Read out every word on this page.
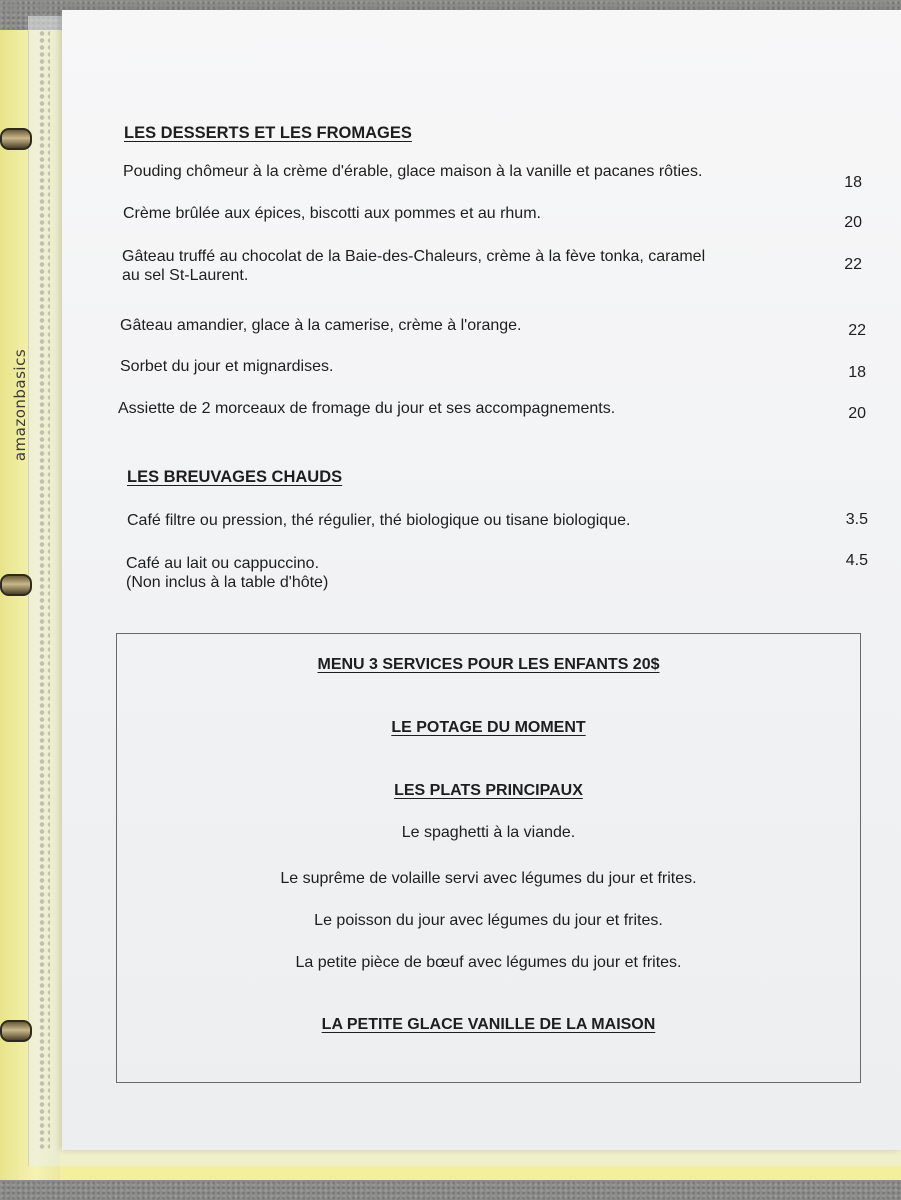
amazonbasics
LES DESSERTS ET LES FROMAGES
Pouding chômeur à la crème d'érable, glace maison à la vanille et pacanes rôties.
18
Crème brûlée aux épices, biscotti aux pommes et au rhum.
20
Gâteau truffé au chocolat de la Baie-des-Chaleurs, crème à la fève tonka, caramel
au sel St-Laurent.
22
Gâteau amandier, glace à la camerise, crème à l'orange.	22
Sorbet du jour et mignardises.	18
Assiette de 2 morceaux de fromage du jour et ses accompagnements.	20
LES BREUVAGES CHAUDS
Café filtre ou pression, thé régulier, thé biologique ou tisane biologique.	3.5
Café au lait ou cappuccino.
(Non inclus à la table d'hôte)
4.5
MENU 3 SERVICES POUR LES ENFANTS 20$
LE POTAGE DU MOMENT
LES PLATS PRINCIPAUX
Le spaghetti à la viande.
Le suprême de volaille servi avec légumes du jour et frites.
Le poisson du jour avec légumes du jour et frites.
La petite pièce de bœuf avec légumes du jour et frites.
LA PETITE GLACE VANILLE DE LA MAISON
